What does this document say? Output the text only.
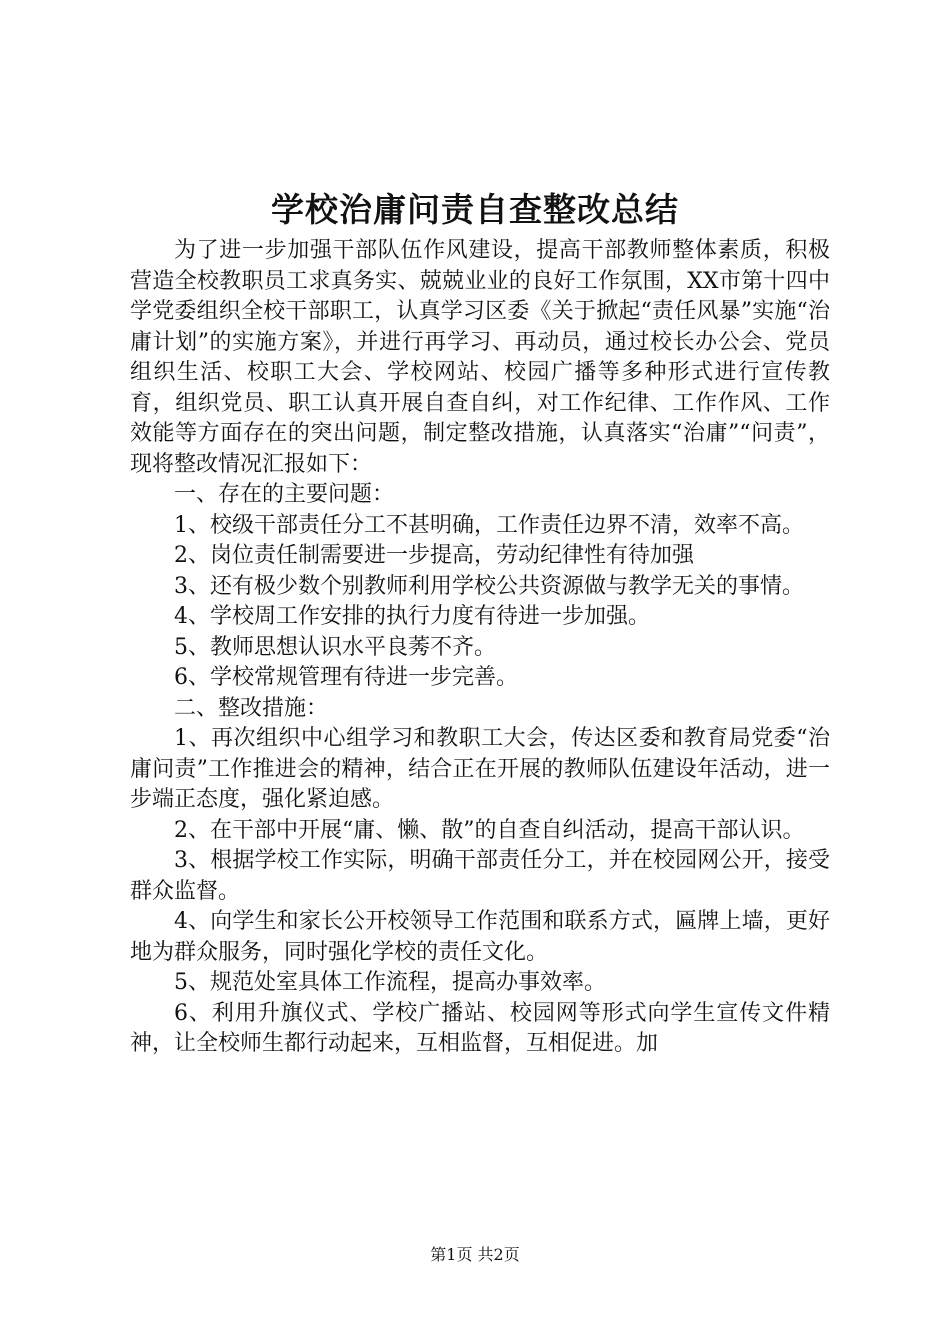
学校治庸问责自查整改总结

为了进一步加强干部队伍作风建设，提高干部教师整体素质，积极营造全校教职员工求真务实、兢兢业业的良好工作氛围，XX市第十四中学党委组织全校干部职工，认真学习区委《关于掀起“责任风暴”实施“治庸计划”的实施方案》，并进行再学习、再动员，通过校长办公会、党员组织生活、校职工大会、学校网站、校园广播等多种形式进行宣传教育，组织党员、职工认真开展自查自纠，对工作纪律、工作作风、工作效能等方面存在的突出问题，制定整改措施，认真落实“治庸”“问责”，现将整改情况汇报如下：

一、存在的主要问题：

1、校级干部责任分工不甚明确，工作责任边界不清，效率不高。

2、岗位责任制需要进一步提高，劳动纪律性有待加强

3、还有极少数个别教师利用学校公共资源做与教学无关的事情。

4、学校周工作安排的执行力度有待进一步加强。

5、教师思想认识水平良莠不齐。

6、学校常规管理有待进一步完善。

二、整改措施：

1、再次组织中心组学习和教职工大会，传达区委和教育局党委“治庸问责”工作推进会的精神，结合正在开展的教师队伍建设年活动，进一步端正态度，强化紧迫感。

2、在干部中开展“庸、懒、散”的自查自纠活动，提高干部认识。

3、根据学校工作实际，明确干部责任分工，并在校园网公开，接受群众监督。

4、向学生和家长公开校领导工作范围和联系方式，匾牌上墙，更好地为群众服务，同时强化学校的责任文化。

5、规范处室具体工作流程，提高办事效率。

6、利用升旗仪式、学校广播站、校园网等形式向学生宣传文件精神，让全校师生都行动起来，互相监督，互相促进。加

第1页 共2页
